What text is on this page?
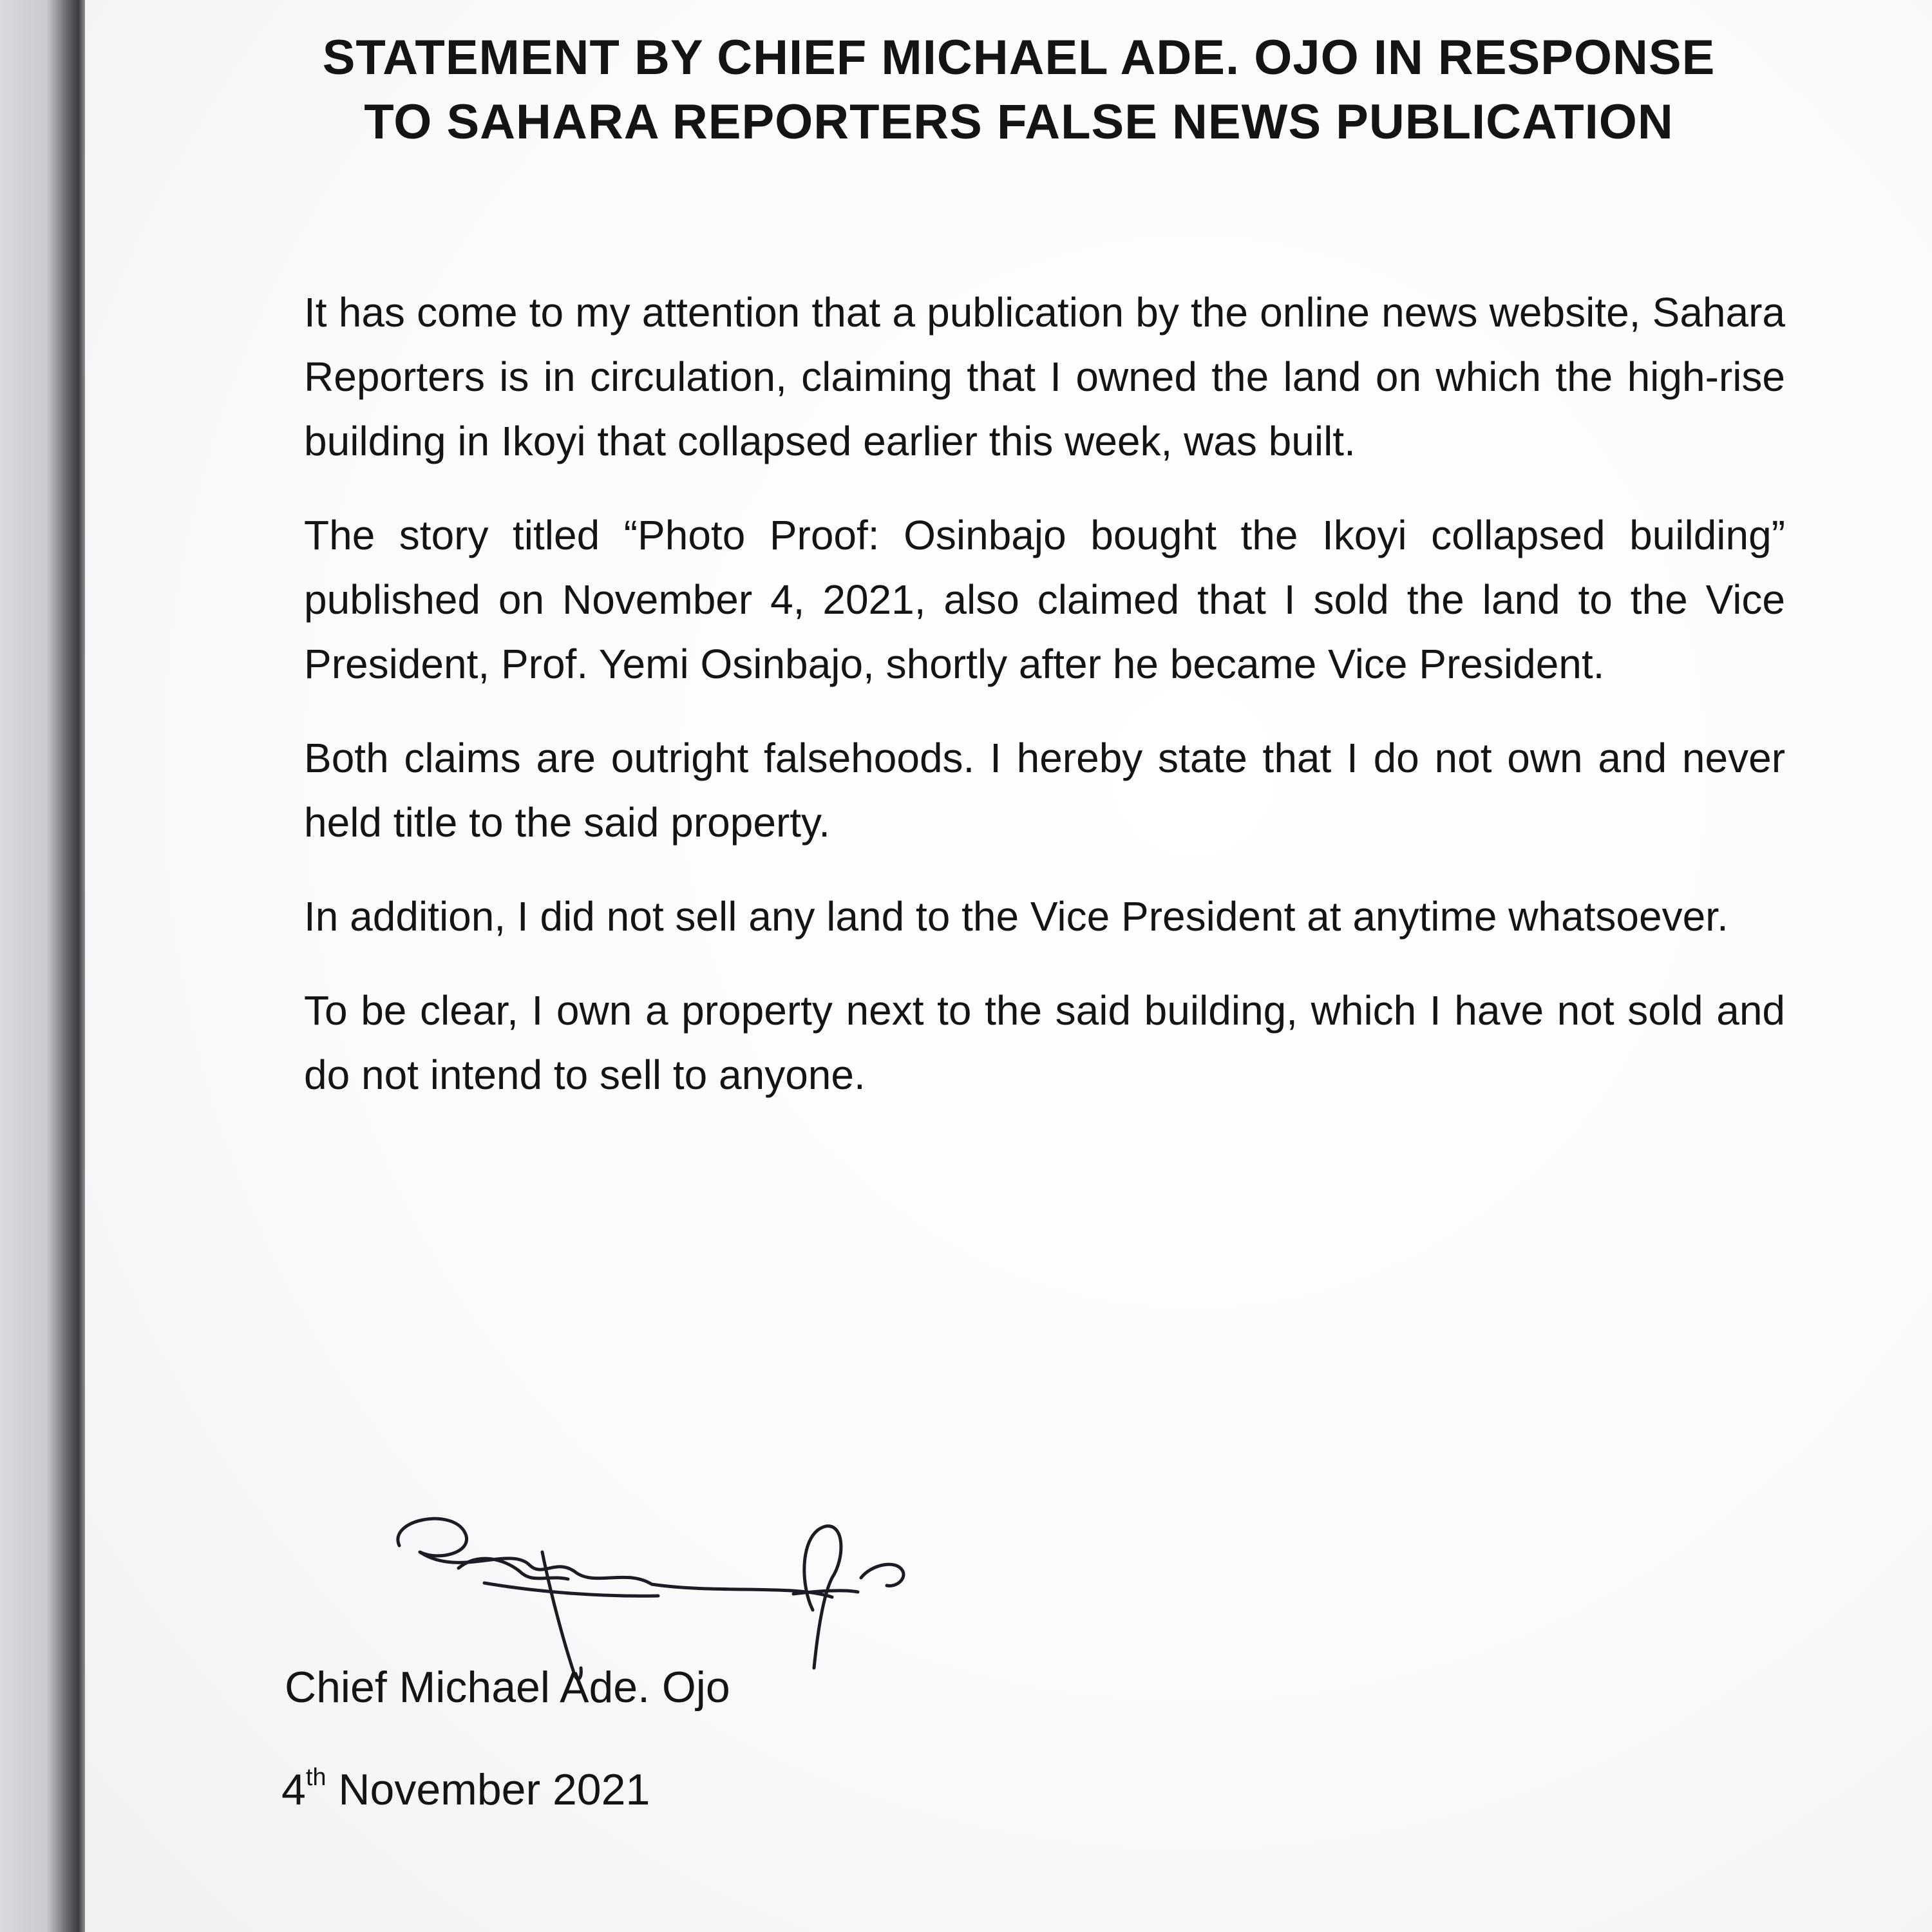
STATEMENT BY CHIEF MICHAEL ADE. OJO IN RESPONSE
TO SAHARA REPORTERS FALSE NEWS PUBLICATION

It has come to my attention that a publication by the online news website, Sahara Reporters is in circulation, claiming that I owned the land on which the high-rise building in Ikoyi that collapsed earlier this week, was built.

The story titled “Photo Proof: Osinbajo bought the Ikoyi collapsed building” published on November 4, 2021, also claimed that I sold the land to the Vice President, Prof. Yemi Osinbajo, shortly after he became Vice President.

Both claims are outright falsehoods. I hereby state that I do not own and never held title to the said property.

In addition, I did not sell any land to the Vice President at anytime whatsoever.

To be clear, I own a property next to the said building, which I have not sold and do not intend to sell to anyone.

Chief Michael Ade. Ojo
4th November 2021
